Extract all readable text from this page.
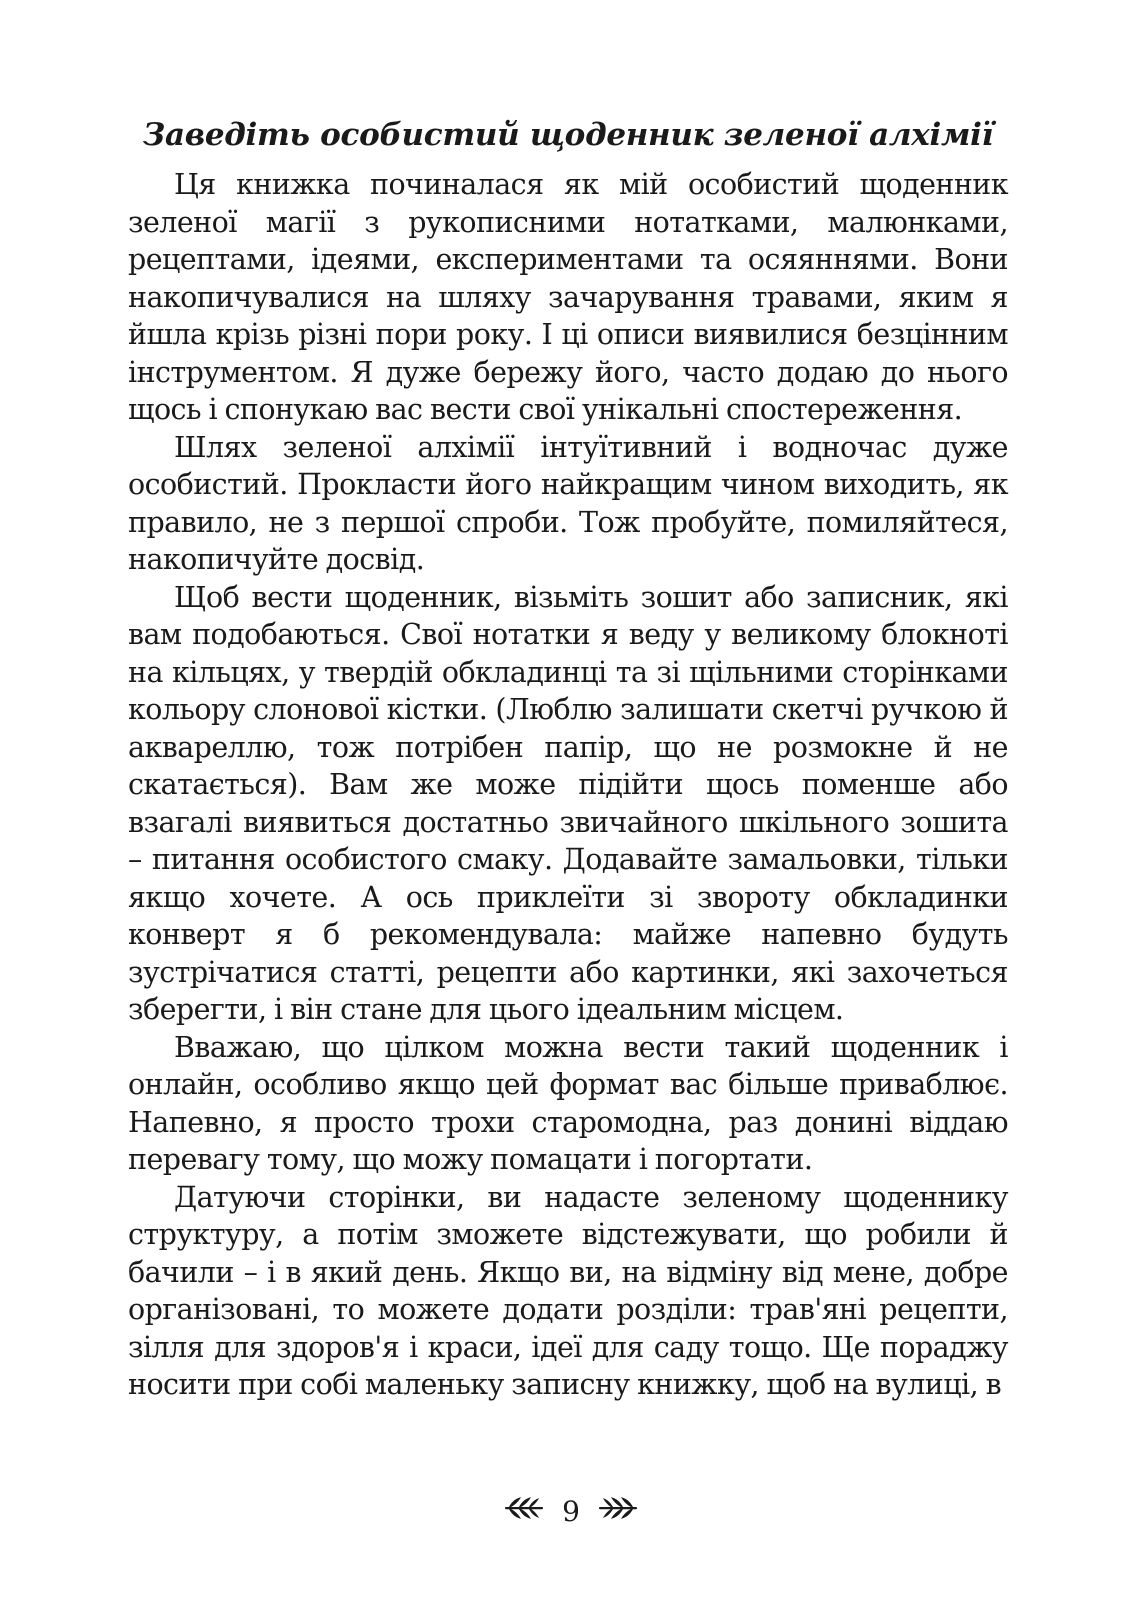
Заведіть особистий щоденник зеленої алхімії

Ця книжка починалася як мій особистий щоденник зеленої магії з рукописними нотатками, малюнками, рецептами, ідеями, експериментами та осяяннями. Вони накопичувалися на шляху зачарування травами, яким я йшла крізь різні пори року. І ці описи виявилися безцінним інструментом. Я дуже бережу його, часто додаю до нього щось і спонукаю вас вести свої унікальні спостереження.

Шлях зеленої алхімії інтуїтивний і водночас дуже особистий. Прокласти його найкращим чином виходить, як правило, не з першої спроби. Тож пробуйте, помиляйтеся, накопичуйте досвід.

Щоб вести щоденник, візьміть зошит або записник, які вам подобаються. Свої нотатки я веду у великому блокноті на кільцях, у твердій обкладинці та зі щільними сторінками кольору слонової кістки. (Люблю залишати скетчі ручкою й аквареллю, тож потрібен папір, що не розмокне й не скатається). Вам же може підійти щось поменше або взагалі виявиться достатньо звичайного шкільного зошита – питання особистого смаку. Додавайте замальовки, тільки якщо хочете. А ось приклеїти зі звороту обкладинки конверт я б рекомендувала: майже напевно будуть зустрічатися статті, рецепти або картинки, які захочеться зберегти, і він стане для цього ідеальним місцем.

Вважаю, що цілком можна вести такий щоденник і онлайн, особливо якщо цей формат вас більше приваблює. Напевно, я просто трохи старомодна, раз донині віддаю перевагу тому, що можу помацати і погортати.

Датуючи сторінки, ви надасте зеленому щоденнику структуру, а потім зможете відстежувати, що робили й бачили – і в який день. Якщо ви, на відміну від мене, добре організовані, то можете додати розділи: трав'яні рецепти, зілля для здоров'я і краси, ідеї для саду тощо. Ще пораджу носити при собі маленьку записну книжку, щоб на вулиці, в

9
